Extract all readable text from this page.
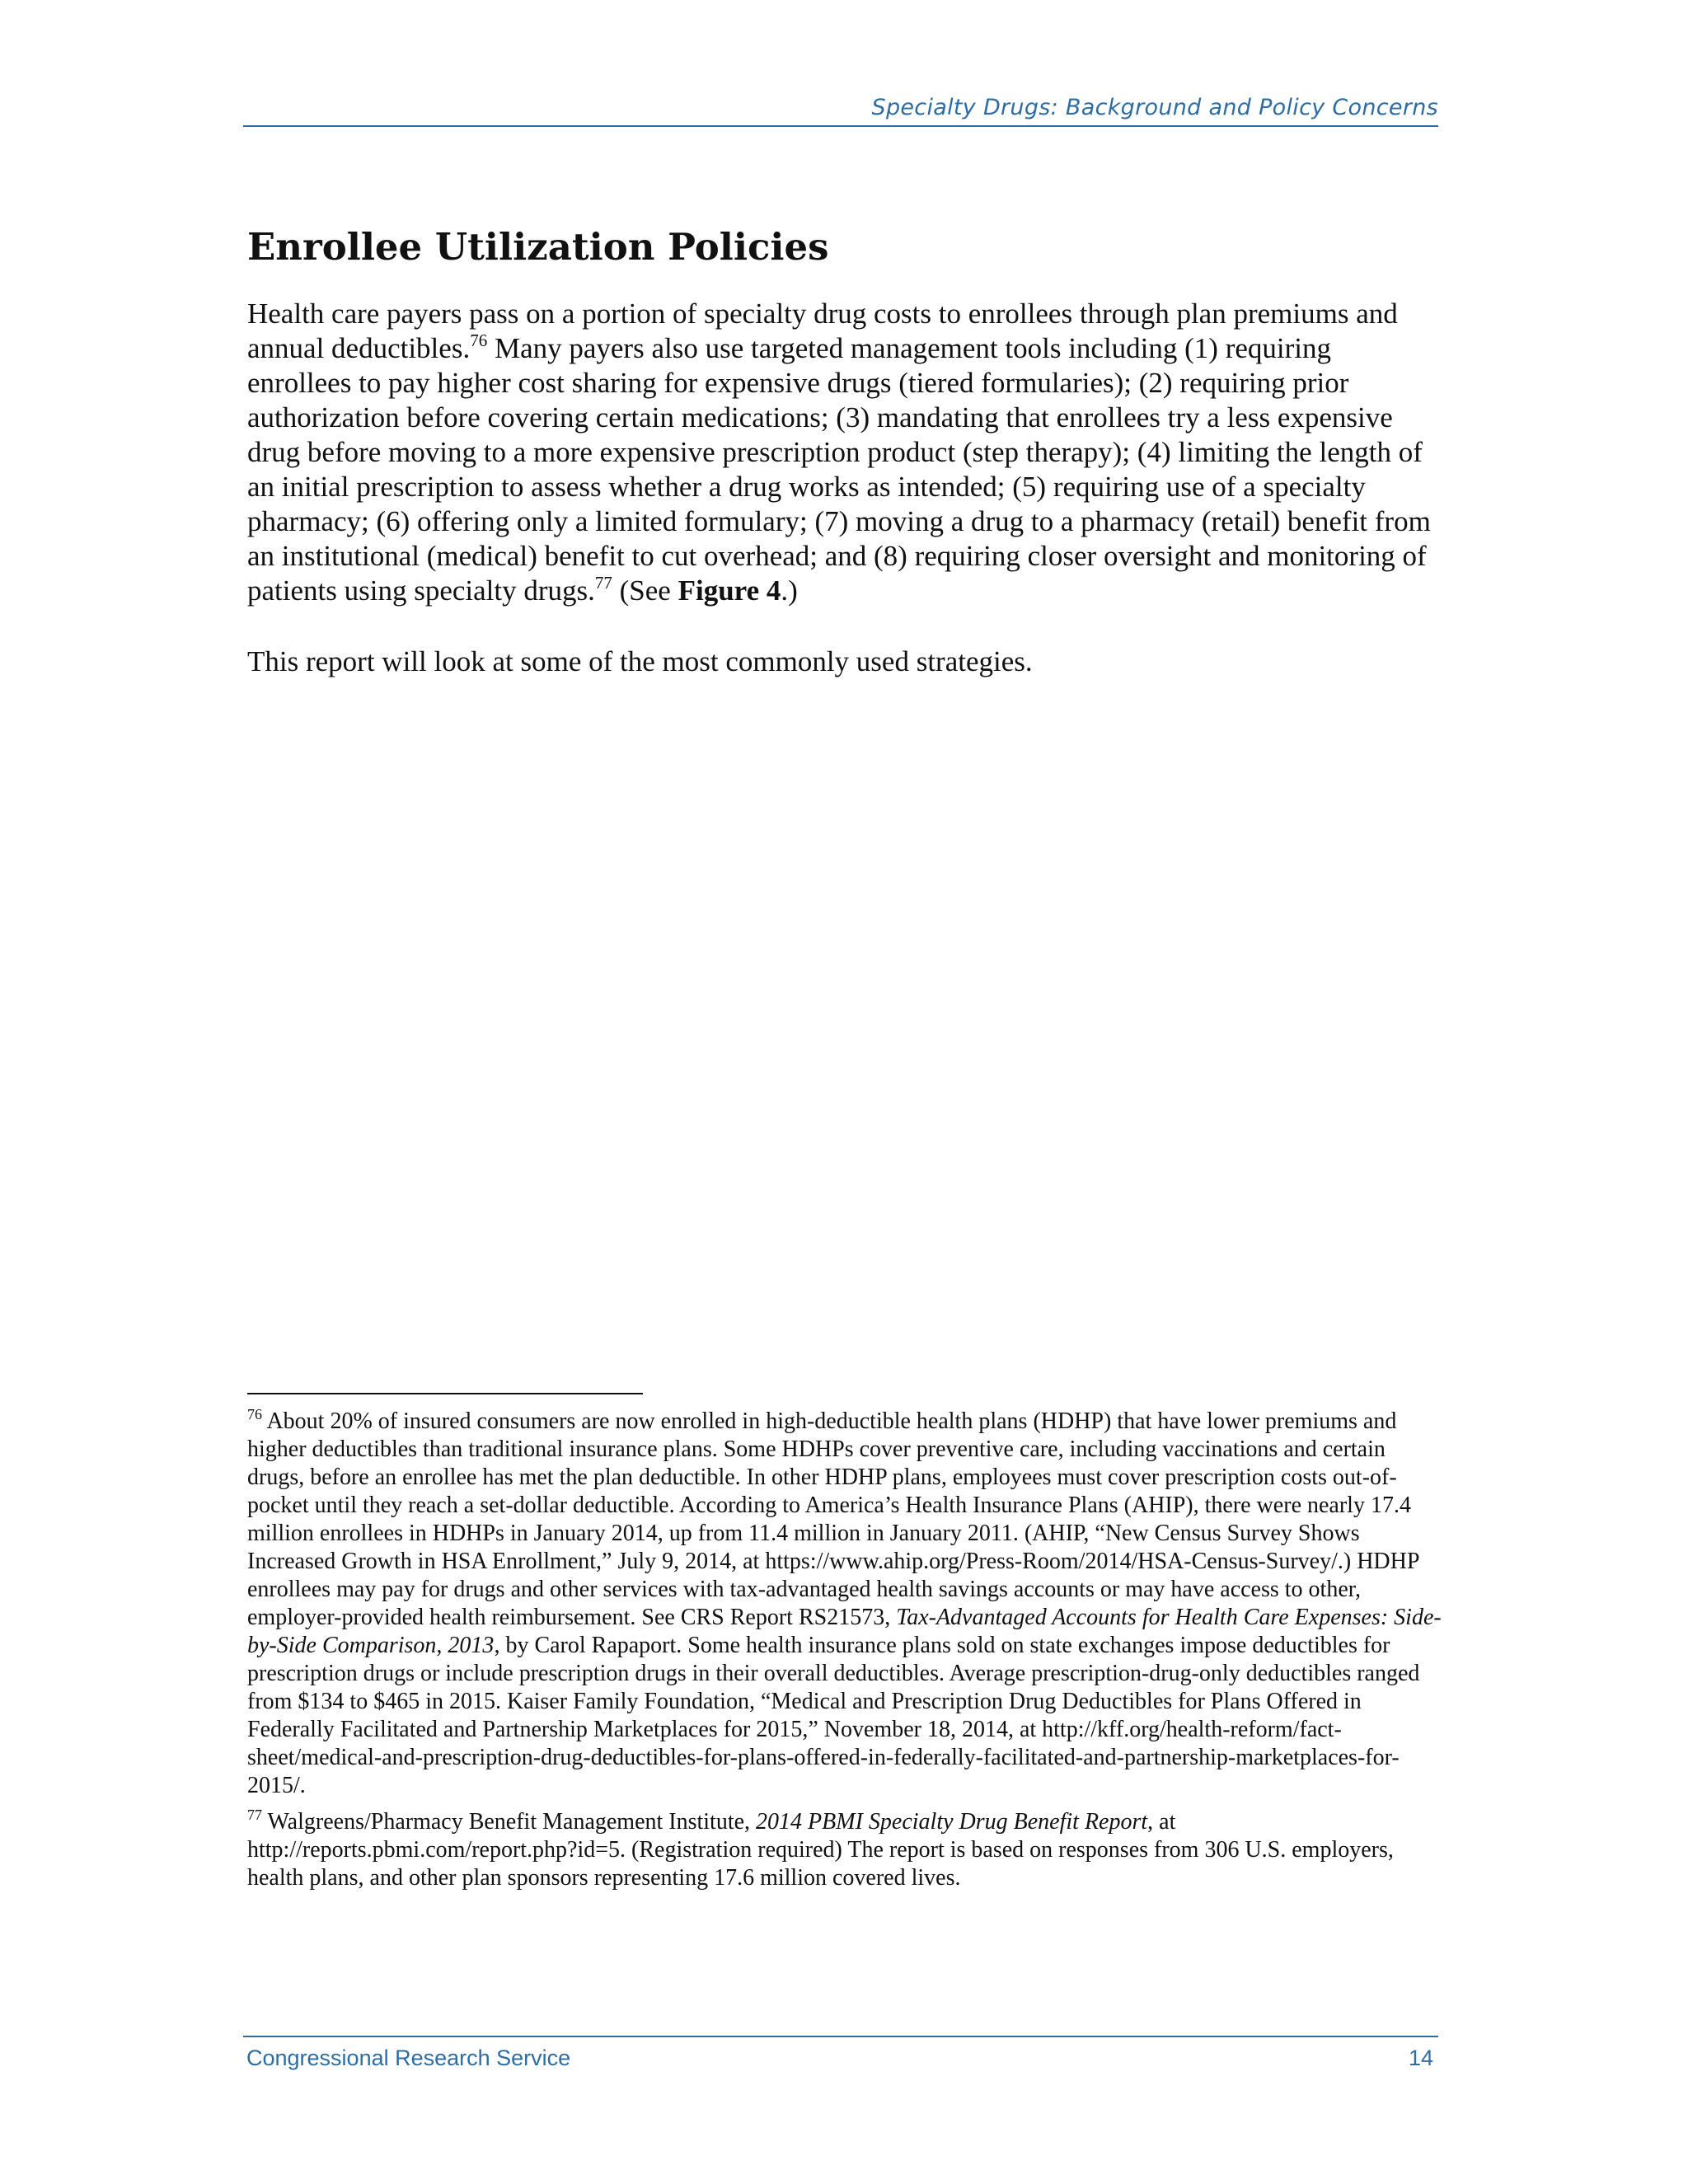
Specialty Drugs: Background and Policy Concerns
Enrollee Utilization Policies

Health care payers pass on a portion of specialty drug costs to enrollees through plan premiums and annual deductibles.$^{76}$ Many payers also use targeted management tools including (1) requiring enrollees to pay higher cost sharing for expensive drugs (tiered formularies); (2) requiring prior authorization before covering certain medications; (3) mandating that enrollees try a less expensive drug before moving to a more expensive prescription product (step therapy); (4) limiting the length of an initial prescription to assess whether a drug works as intended; (5) requiring use of a specialty pharmacy; (6) offering only a limited formulary; (7) moving a drug to a pharmacy (retail) benefit from an institutional (medical) benefit to cut overhead; and (8) requiring closer oversight and monitoring of patients using specialty drugs.$^{77}$ (See Figure 4.)

This report will look at some of the most commonly used strategies.

$^{76}$ About 20% of insured consumers are now enrolled in high-deductible health plans (HDHP) that have lower premiums and higher deductibles than traditional insurance plans. Some HDHPs cover preventive care, including vaccinations and certain drugs, before an enrollee has met the plan deductible. In other HDHP plans, employees must cover prescription costs out-of-pocket until they reach a set-dollar deductible. According to America’s Health Insurance Plans (AHIP), there were nearly 17.4 million enrollees in HDHPs in January 2014, up from 11.4 million in January 2011. (AHIP, “New Census Survey Shows Increased Growth in HSA Enrollment,” July 9, 2014, at https://www.ahip.org/Press-Room/2014/HSA-Census-Survey/.) HDHP enrollees may pay for drugs and other services with tax-advantaged health savings accounts or may have access to other, employer-provided health reimbursement. See CRS Report RS21573, Tax-Advantaged Accounts for Health Care Expenses: Side-by-Side Comparison, 2013, by Carol Rapaport. Some health insurance plans sold on state exchanges impose deductibles for prescription drugs or include prescription drugs in their overall deductibles. Average prescription-drug-only deductibles ranged from $134 to $465 in 2015. Kaiser Family Foundation, “Medical and Prescription Drug Deductibles for Plans Offered in Federally Facilitated and Partnership Marketplaces for 2015,” November 18, 2014, at http://kff.org/health-reform/fact-sheet/medical-and-prescription-drug-deductibles-for-plans-offered-in-federally-facilitated-and-partnership-marketplaces-for-2015/.

$^{77}$ Walgreens/Pharmacy Benefit Management Institute, 2014 PBMI Specialty Drug Benefit Report, at http://reports.pbmi.com/report.php?id=5. (Registration required) The report is based on responses from 306 U.S. employers, health plans, and other plan sponsors representing 17.6 million covered lives.

Congressional Research Service	14
